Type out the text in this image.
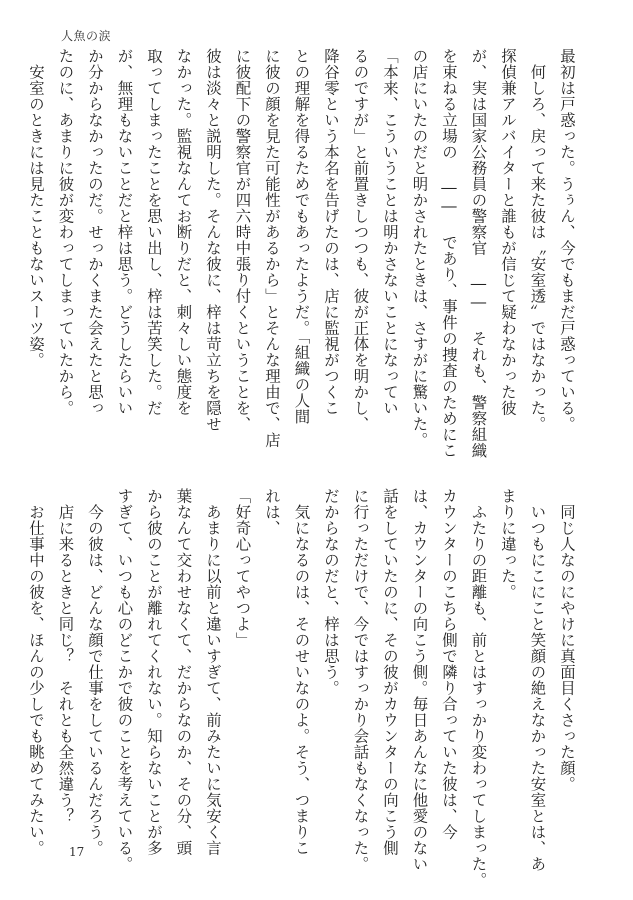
人魚の涙
最初は戸惑った。うぅん、今でもまだ戸惑っている。
　何しろ、戻って来た彼は〝安室透〟ではなかった。
探偵兼アルバイターと誰もが信じて疑わなかった彼
が、実は国家公務員の警察官 ―― それも、警察組織
を束ねる立場の ―― であり、事件の捜査のためにこ
の店にいたのだと明かされたときは、さすがに驚いた。
「本来、こういうことは明かさないことになってい
るのですが」と前置きしつつも、彼が正体を明かし、
降谷零という本名を告げたのは、店に監視がつくこ
との理解を得るためでもあったようだ。「組織の人間
に彼の顔を見た可能性があるから」とそんな理由で、店
に彼配下の警察官が四六時中張り付くということを、
彼は淡々と説明した。そんな彼に、梓は苛立ちを隠せ
なかった。監視なんてお断りだと、刺々しい態度を
取ってしまったことを思い出し、梓は苦笑した。だ
が、無理もないことだと梓は思う。どうしたらいい
か分からなかったのだ。せっかくまた会えたと思っ
たのに、あまりに彼が変わってしまっていたから。
　安室のときには見たこともないスーツ姿。
　同じ人なのにやけに真面目くさった顔。
　いつもにこにこと笑顔の絶えなかった安室とは、あ
まりに違った。
　ふたりの距離も、前とはすっかり変わってしまった。
カウンターのこちら側で隣り合っていた彼は、今
は、カウンターの向こう側。毎日あんなに他愛のない
話をしていたのに、その彼がカウンターの向こう側
に行っただけで、今ではすっかり会話もなくなった。
だからなのだと、梓は思う。
　気になるのは、そのせいなのよ。そう、つまりこ
れは、
「好奇心ってやつよ」
　あまりに以前と違いすぎて、前みたいに気安く言
葉なんて交わせなくて、だからなのか、その分、頭
から彼のことが離れてくれない。知らないことが多
すぎて、いつも心のどこかで彼のことを考えている。
　今の彼は、どんな顔で仕事をしているんだろう。
　店に来るときと同じ？　それとも全然違う？
　お仕事中の彼を、ほんの少しでも眺めてみたい。	17
